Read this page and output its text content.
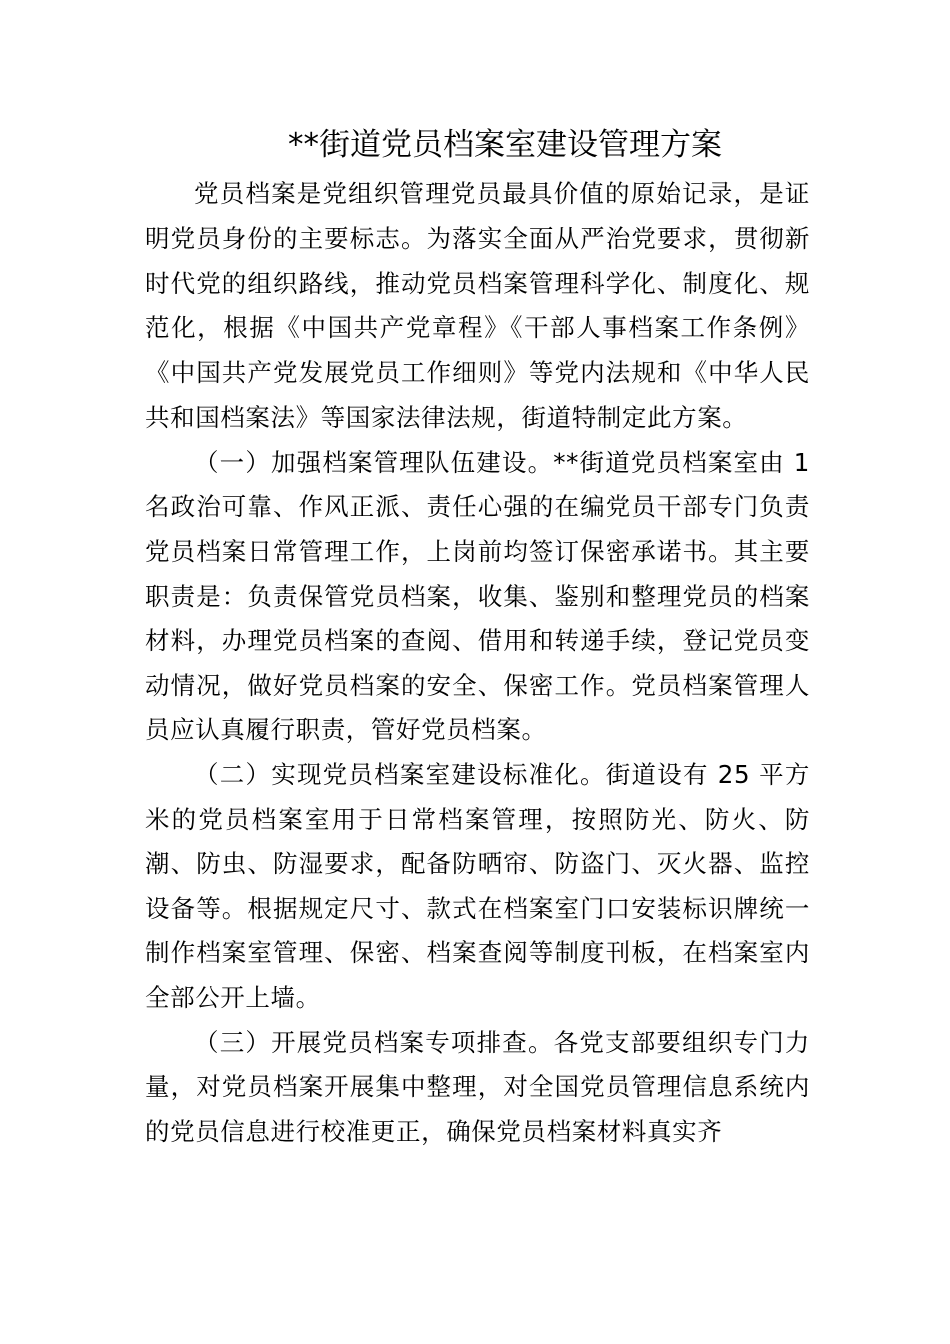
**街道党员档案室建设管理方案

党员档案是党组织管理党员最具价值的原始记录，是证明党员身份的主要标志。为落实全面从严治党要求，贯彻新时代党的组织路线，推动党员档案管理科学化、制度化、规范化，根据《中国共产党章程》《干部人事档案工作条例》《中国共产党发展党员工作细则》等党内法规和《中华人民共和国档案法》等国家法律法规，街道特制定此方案。

（一）加强档案管理队伍建设。**街道党员档案室由 1 名政治可靠、作风正派、责任心强的在编党员干部专门负责党员档案日常管理工作，上岗前均签订保密承诺书。其主要职责是：负责保管党员档案，收集、鉴别和整理党员的档案材料，办理党员档案的查阅、借用和转递手续，登记党员变动情况，做好党员档案的安全、保密工作。党员档案管理人员应认真履行职责，管好党员档案。

（二）实现党员档案室建设标准化。街道设有 25 平方米的党员档案室用于日常档案管理，按照防光、防火、防潮、防虫、防湿要求，配备防晒帘、防盗门、灭火器、监控设备等。根据规定尺寸、款式在档案室门口安装标识牌统一制作档案室管理、保密、档案查阅等制度刊板，在档案室内全部公开上墙。

（三）开展党员档案专项排查。各党支部要组织专门力量，对党员档案开展集中整理，对全国党员管理信息系统内的党员信息进行校准更正，确保党员档案材料真实齐
